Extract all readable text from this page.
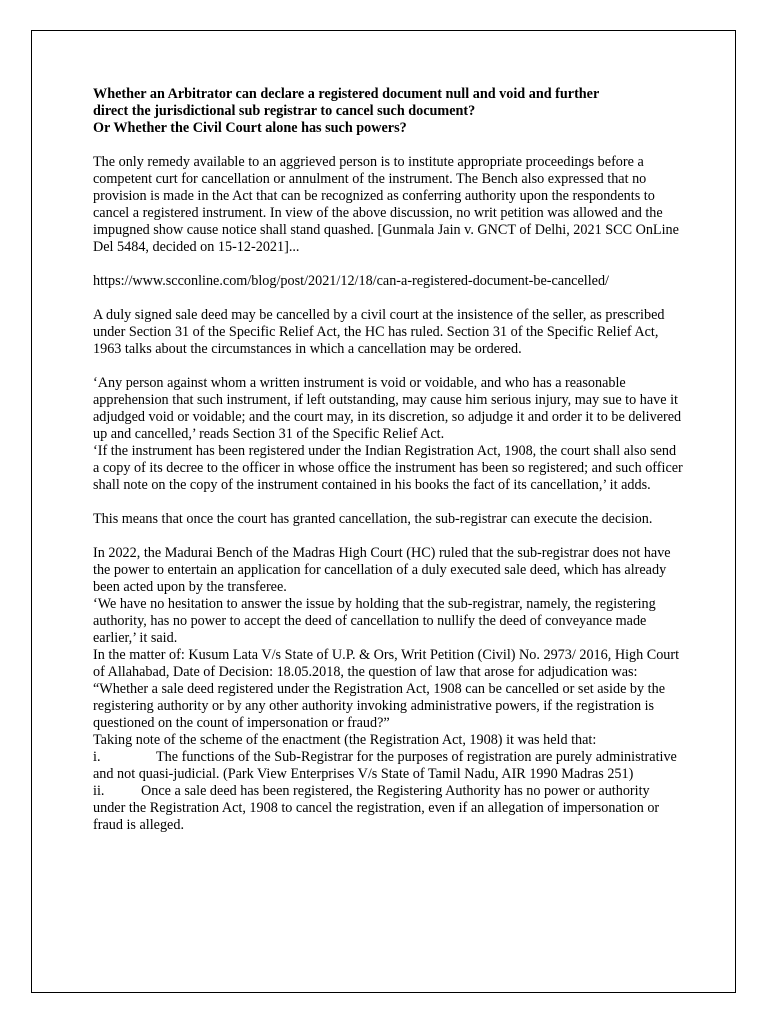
Whether an Arbitrator can declare a registered document null and void and further
direct the jurisdictional sub registrar to cancel such document?
Or Whether the Civil Court alone has such powers?

The only remedy available to an aggrieved person is to institute appropriate proceedings before a competent curt for cancellation or annulment of the instrument. The Bench also expressed that no provision is made in the Act that can be recognized as conferring authority upon the respondents to cancel a registered instrument. In view of the above discussion, no writ petition was allowed and the impugned show cause notice shall stand quashed. [Gunmala Jain v. GNCT of Delhi, 2021 SCC OnLine Del 5484, decided on 15-12-2021]...

https://www.scconline.com/blog/post/2021/12/18/can-a-registered-document-be-cancelled/

A duly signed sale deed may be cancelled by a civil court at the insistence of the seller, as prescribed under Section 31 of the Specific Relief Act, the HC has ruled. Section 31 of the Specific Relief Act, 1963 talks about the circumstances in which a cancellation may be ordered.

‘Any person against whom a written instrument is void or voidable, and who has a reasonable apprehension that such instrument, if left outstanding, may cause him serious injury, may sue to have it adjudged void or voidable; and the court may, in its discretion, so adjudge it and order it to be delivered up and cancelled,’ reads Section 31 of the Specific Relief Act.

‘If the instrument has been registered under the Indian Registration Act, 1908, the court shall also send a copy of its decree to the officer in whose office the instrument has been so registered; and such officer shall note on the copy of the instrument contained in his books the fact of its cancellation,’ it adds.

This means that once the court has granted cancellation, the sub-registrar can execute the decision.

In 2022, the Madurai Bench of the Madras High Court (HC) ruled that the sub-registrar does not have the power to entertain an application for cancellation of a duly executed sale deed, which has already been acted upon by the transferee.

‘We have no hesitation to answer the issue by holding that the sub-registrar, namely, the registering authority, has no power to accept the deed of cancellation to nullify the deed of conveyance made earlier,’ it said.

In the matter of: Kusum Lata V/s State of U.P. & Ors, Writ Petition (Civil) No. 2973/ 2016, High Court of Allahabad, Date of Decision: 18.05.2018, the question of law that arose for adjudication was:

“Whether a sale deed registered under the Registration Act, 1908 can be cancelled or set aside by the registering authority or by any other authority invoking administrative powers, if the registration is questioned on the count of impersonation or fraud?”

Taking note of the scheme of the enactment (the Registration Act, 1908) it was held that:

i.	The functions of the Sub-Registrar for the purposes of registration are purely administrative and not quasi-judicial. (Park View Enterprises V/s State of Tamil Nadu, AIR 1990 Madras 251)

ii.	Once a sale deed has been registered, the Registering Authority has no power or authority under the Registration Act, 1908 to cancel the registration, even if an allegation of impersonation or fraud is alleged.
